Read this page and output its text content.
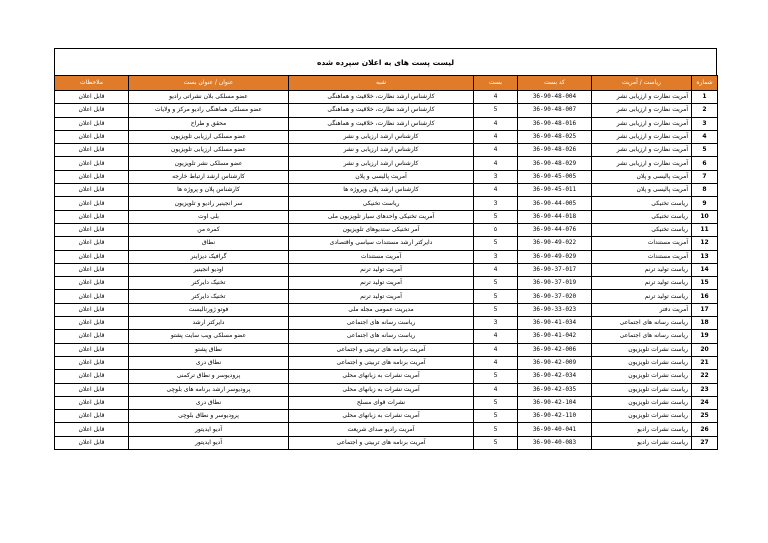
لیست پست های به اعلان سپرده شده
شماره	ریاست / آمریت	کد بست	بست	شبه	عنوان / عنوان بست	ملاحظات
1	آمریت نظارت و ارزیابی نشر	36-90-48-004	4	کارشناس ارشد نظارت، خلاقیت و هماهنگی	عضو مسلکی بلان نشراتی رادیو	قابل اعلان
2	آمریت نظارت و ارزیابی نشر	36-90-48-007	5	کارشناس ارشد نظارت، خلاقیت و هماهنگی	عضو مسلکی هماهنگی رادیو مرکز و ولایات	قابل اعلان
3	آمریت نظارت و ارزیابی نشر	36-90-48-016	4	کارشناس ارشد نظارت، خلاقیت و هماهنگی	محقق و طراح	قابل اعلان
4	آمریت نظارت و ارزیابی نشر	36-90-48-025	4	کارشناس ارشد ارزیابی و نشر	عضو مسلکی ارزیابی تلویزیون	قابل اعلان
5	آمریت نظارت و ارزیابی نشر	36-90-48-026	4	کارشناس ارشد ارزیابی و نشر	عضو مسلکی ارزیابی تلویزیون	قابل اعلان
6	آمریت نظارت و ارزیابی نشر	36-90-48-029	4	کارشناس ارشد ارزیابی و نشر	عضو مسلکی نشر تلویزیون	قابل اعلان
7	آمریت پالیسی و پلان	36-90-45-005	3	آمریت پالیسی و پلان	کارشناس ارشد ارتباط خارجه	قابل اعلان
8	آمریت پالیسی و پلان	36-90-45-011	4	کارشناس ارشد پلان وپروژه ها	کارشناس پلان و پروژه ها	قابل اعلان
9	ریاست تخنیکی	36-90-44-005	3	ریاست تخنیکی	سر انجینیر رادیو و تلویزیون	قابل اعلان
10	ریاست تخنیکی	36-90-44-018	5	آمریت تخنیکی واحدهای سیار تلویزیون ملی	بلی اوت	قابل اعلان
11	ریاست تخنیکی	36-90-44-076	٥	آمر تخنیکی ستدیوهای تلویزیون	کمره من	قابل اعلان
12	آمریت مستندات	36-90-49-022	5	دایرکتر ارشد مستندات سیاسی واقتصادی	نطاق	قابل اعلان
13	آمریت مستندات	36-90-49-029	3	آمریت مستندات	گرافیک دیزاینر	قابل اعلان
14	ریاست تولید ترنم	36-90-37-017	4	آمریت تولید ترنم	اودیو انجینیر	قابل اعلان
15	ریاست تولید ترنم	36-90-37-019	5	آمریت تولید ترنم	تخنیک دایرکتر	قابل اعلان
16	ریاست تولید ترنم	36-90-37-020	5	آمریت تولید ترنم	تخنیک دایرکتر	قابل اعلان
17	آمریت دفتر	36-90-33-023	5	مدیریت عمومی مجله ملی	فوتو ژورنالیست	قابل اعلان
18	ریاست رسانه های اجتماعی	36-90-41-034	3	ریاست رسانه های اجتماعی	دایرکتر ارشد	قابل اعلان
19	ریاست رسانه های اجتماعی	36-90-41-042	4	ریاست رسانه های اجتماعی	عضو مسلکی ویب سایت پشتو	قابل اعلان
20	ریاست نشرات تلویزیون	36-90-42-006	4	آمریت برنامه های تربیتی و اجتماعی	نطاق پشتو	قابل اعلان
21	ریاست نشرات تلویزیون	36-90-42-009	4	آمریت برنامه های تربیتی و اجتماعی	نطاق دری	قابل اعلان
22	ریاست نشرات تلویزیون	36-90-42-034	5	آمریت نشرات به زبانهای محلی	پرودیوسر و نطاق ترکمنی	قابل اعلان
23	ریاست نشرات تلویزیون	36-90-42-035	4	آمریت نشرات به زبانهای محلی	پرودیوسر ارشد برنامه های بلوچی	قابل اعلان
24	ریاست نشرات تلویزیون	36-90-42-104	5	نشرات قوای مسلح	نطاق دری	قابل اعلان
25	ریاست نشرات تلویزیون	36-90-42-110	5	آمریت نشرات به زبانهای محلی	پرودیوسر و نطاق بلوچی	قابل اعلان
26	ریاست نشرات رادیو	36-90-40-041	5	آمریت رادیو صدای شریعت	آدیو ایدیتور	قابل اعلان
27	ریاست نشرات رادیو	36-90-40-083	5	آمریت برنامه های تربیتی و اجتماعی	آدیو ایدیتور	قابل اعلان
